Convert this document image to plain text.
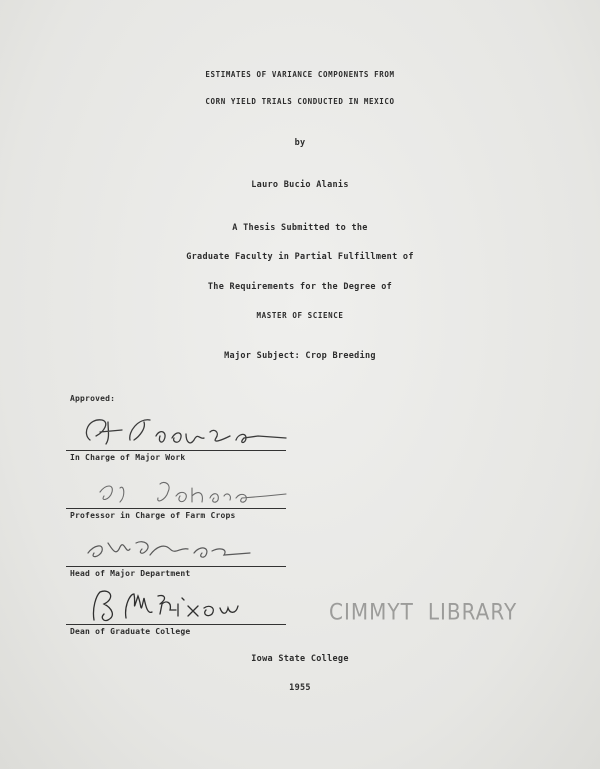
ESTIMATES OF VARIANCE COMPONENTS FROM
CORN YIELD TRIALS CONDUCTED IN MEXICO
by
Lauro Bucio Alanis
A Thesis Submitted to the
Graduate Faculty in Partial Fulfillment of
The Requirements for the Degree of
MASTER OF SCIENCE
Major Subject: Crop Breeding
Approved:
In Charge of Major Work
Professor in Charge of Farm Crops
Head of Major Department
Dean of Graduate College
CIMMYT LIBRARY
Iowa State College
1955
